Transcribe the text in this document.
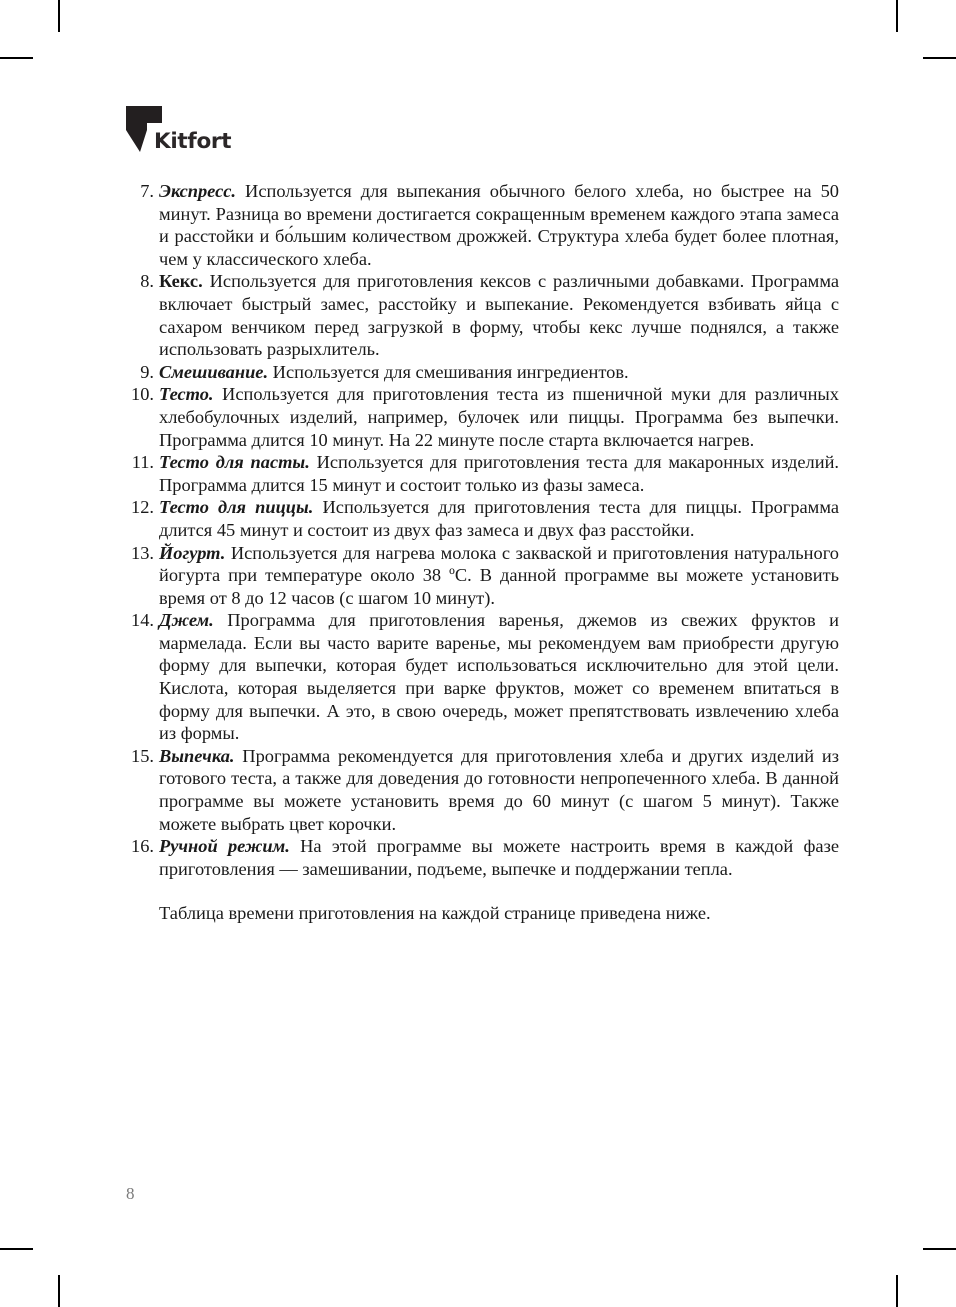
Kitfort
7. Экспресс. Используется для выпекания обычного белого хлеба, но быстрее на 50 минут. Разница во времени достигается сокращенным временем каждого этапа замеса и расстойки и бо́льшим количеством дрожжей. Структура хлеба будет более плотная, чем у классического хлеба.
8. Кекс. Используется для приготовления кексов с различными добавками. Программа включает быстрый замес, расстойку и выпекание. Рекомендуется взбивать яйца с сахаром венчиком перед загрузкой в форму, чтобы кекс лучше поднялся, а также использовать разрыхлитель.
9. Смешивание. Используется для смешивания ингредиентов.
10. Тесто. Используется для приготовления теста из пшеничной муки для различных хлебобулочных изделий, например, булочек или пиццы. Программа без выпечки. Программа длится 10 минут. На 22 минуте после старта включается нагрев.
11. Тесто для пасты. Используется для приготовления теста для макаронных изделий. Программа длится 15 минут и состоит только из фазы замеса.
12. Тесто для пиццы. Используется для приготовления теста для пиццы. Программа длится 45 минут и состоит из двух фаз замеса и двух фаз расстойки.
13. Йогурт. Используется для нагрева молока с закваской и приготовления натурального йогурта при температуре около 38 ºC. В данной программе вы можете установить время от 8 до 12 часов (с шагом 10 минут).
14. Джем. Программа для приготовления варенья, джемов из свежих фруктов и мармелада. Если вы часто варите варенье, мы рекомендуем вам приобрести другую форму для выпечки, которая будет использоваться исключительно для этой цели. Кислота, которая выделяется при варке фруктов, может со временем впитаться в форму для выпечки. А это, в свою очередь, может препятствовать извлечению хлеба из формы.
15. Выпечка. Программа рекомендуется для приготовления хлеба и других изделий из готового теста, а также для доведения до готовности непропеченного хлеба. В данной программе вы можете установить время до 60 минут (с шагом 5 минут). Также можете выбрать цвет корочки.
16. Ручной режим. На этой программе вы можете настроить время в каждой фазе приготовления — замешивании, подъеме, выпечке и поддержании тепла.

Таблица времени приготовления на каждой странице приведена ниже.

8
